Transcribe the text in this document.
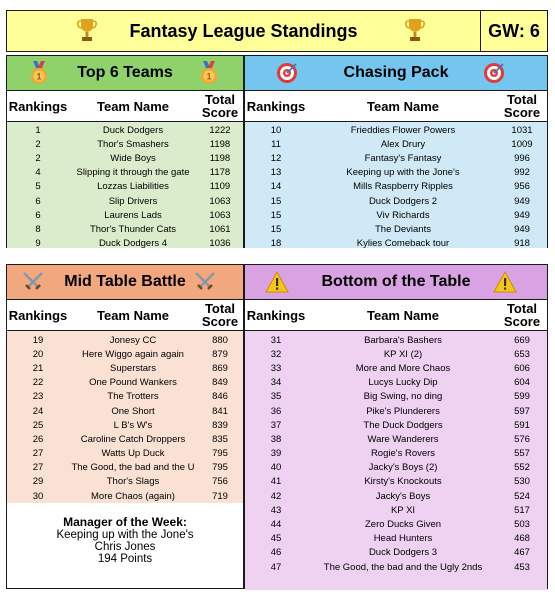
Fantasy League Standings	GW: 6
1 Top 6 Teams	1
Rankings	Team Name	Total Score
1	Duck Dodgers	1222
2	Thor's Smashers	1198
2	Wide Boys	1198
4	Slipping it through the gate	1178
5	Lozzas Liabilities	1109
6	Slip Drivers	1063
6	Laurens Lads	1063
8	Thor's Thunder Cats	1061
9	Duck Dodgers 4	1036
Chasing Pack
Rankings	Team Name	Total Score
10	Frieddies Flower Powers	1031
11	Alex Drury	1009
12	Fantasy's Fantasy	996
13	Keeping up with the Jone's	992
14	Mills Raspberry Ripples	956
15	Duck Dodgers 2	949
15	Viv Richards	949
15	The Deviants	949
18	Kylies Comeback tour	918
Mid Table Battle
Rankings	Team Name	Total Score
19	Jonesy CC	880
20	Here Wiggo again again	879
21	Superstars	869
22	One Pound Wankers	849
23	The Trotters	846
24	One Short	841
25	L B's W's	839
26	Caroline Catch Droppers	835
27	Watts Up Duck	795
27	The Good, the bad and the U	795
29	Thor's Slags	756
30	More Chaos (again)	719
Manager of the Week:
Keeping up with the Jone's
Chris Jones
194 Points
Bottom of the Table
Rankings	Team Name	Total Score
31	Barbara's Bashers	669
32	KP XI (2)	653
33	More and More Chaos	606
34	Lucys Lucky Dip	604
35	Big Swing, no ding	599
36	Pike's Plunderers	597
37	The Duck Dodgers	591
38	Ware Wanderers	576
39	Rogie's Rovers	557
40	Jacky's Boys (2)	552
41	Kirsty's Knockouts	530
42	Jacky's Boys	524
43	KP XI	517
44	Zero Ducks Given	503
45	Head Hunters	468
46	Duck Dodgers 3	467
47	The Good, the bad and the Ugly 2nds	453
